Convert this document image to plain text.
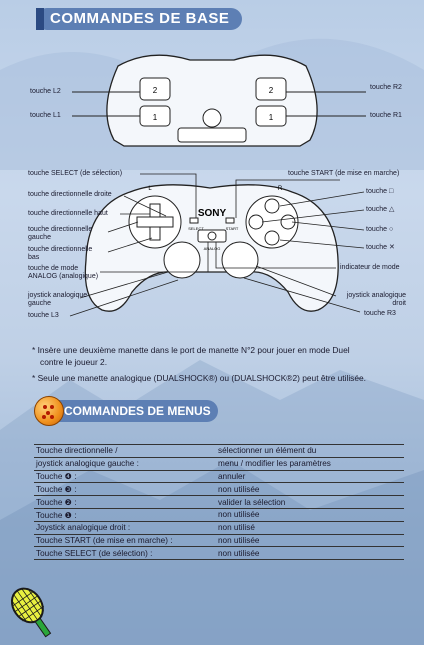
COMMANDES DE BASE
2
1
2
1
touche L2
touche L1
touche R2
touche R1
SONY
L	R
SELECT	START
ANALOG
touche SELECT (de sélection)	touche START (de mise en marche)
touche directionnelle droite
touche directionnelle haut
touche directionnelle
gauche
touche directionnelle
bas
touche de mode
ANALOG (analogique)
joystick analogique
gauche
touche L3
touche □
touche △
touche ○
touche ✕
indicateur de mode
joystick analogique
droit
touche R3
* Insère une deuxième manette dans le port de manette N°2 pour jouer en mode Duel
contre le joueur 2.
* Seule une manette analogique (DUALSHOCK®) ou (DUALSHOCK®2) peut être utilisée.
COMMANDES DE MENUS
Touche directionnelle /	sélectionner un élément du
joystick analogique gauche :	menu / modifier les paramètres
Touche ❹ :	annuler
Touche ❸ :	non utilisée
Touche ❷ :	valider la sélection
Touche ❶ :	non utilisée
Joystick analogique droit :	non utilisé
Touche START (de mise en marche) :	non utilisée
Touche SELECT (de sélection) :	non utilisée
